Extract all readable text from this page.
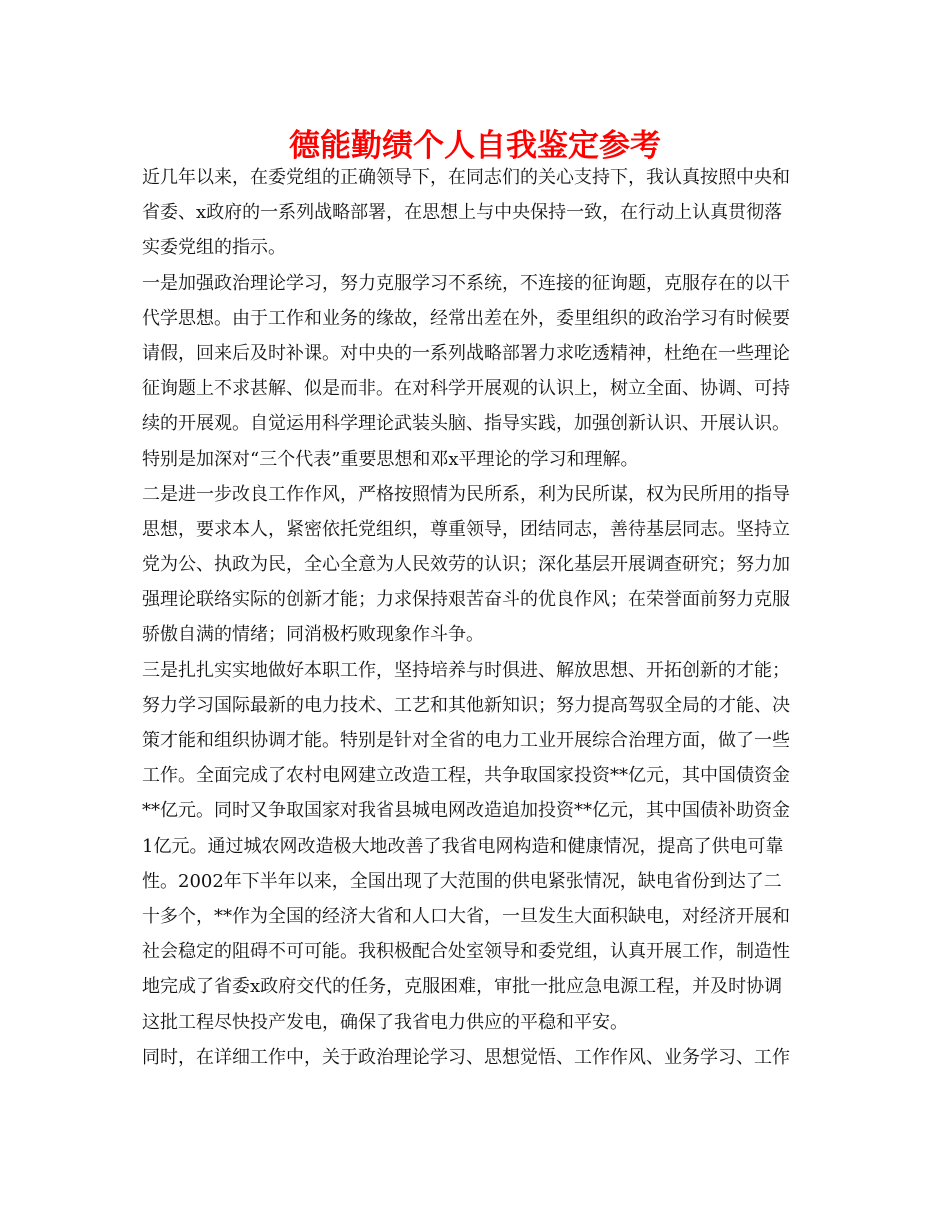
德能勤绩个人自我鉴定参考
近几年以来，在委党组的正确领导下，在同志们的关心支持下，我认真按照中央和
省委、x政府的一系列战略部署，在思想上与中央保持一致，在行动上认真贯彻落
实委党组的指示。
一是加强政治理论学习，努力克服学习不系统，不连接的征询题，克服存在的以干
代学思想。由于工作和业务的缘故，经常出差在外，委里组织的政治学习有时候要
请假，回来后及时补课。对中央的一系列战略部署力求吃透精神，杜绝在一些理论
征询题上不求甚解、似是而非。在对科学开展观的认识上，树立全面、协调、可持
续的开展观。自觉运用科学理论武装头脑、指导实践，加强创新认识、开展认识。
特别是加深对“三个代表”重要思想和邓x平理论的学习和理解。
二是进一步改良工作作风，严格按照情为民所系，利为民所谋，权为民所用的指导
思想，要求本人，紧密依托党组织，尊重领导，团结同志，善待基层同志。坚持立
党为公、执政为民，全心全意为人民效劳的认识；深化基层开展调查研究；努力加
强理论联络实际的创新才能；力求保持艰苦奋斗的优良作风；在荣誉面前努力克服
骄傲自满的情绪；同消极朽败现象作斗争。
三是扎扎实实地做好本职工作，坚持培养与时俱进、解放思想、开拓创新的才能；
努力学习国际最新的电力技术、工艺和其他新知识；努力提高驾驭全局的才能、决
策才能和组织协调才能。特别是针对全省的电力工业开展综合治理方面，做了一些
工作。全面完成了农村电网建立改造工程，共争取国家投资**亿元，其中国债资金
**亿元。同时又争取国家对我省县城电网改造追加投资**亿元，其中国债补助资金
1亿元。通过城农网改造极大地改善了我省电网构造和健康情况，提高了供电可靠
性。2002年下半年以来，全国出现了大范围的供电紧张情况，缺电省份到达了二
十多个，**作为全国的经济大省和人口大省，一旦发生大面积缺电，对经济开展和
社会稳定的阻碍不可可能。我积极配合处室领导和委党组，认真开展工作，制造性
地完成了省委x政府交代的任务，克服困难，审批一批应急电源工程，并及时协调
这批工程尽快投产发电，确保了我省电力供应的平稳和平安。
同时，在详细工作中，关于政治理论学习、思想觉悟、工作作风、业务学习、工作
